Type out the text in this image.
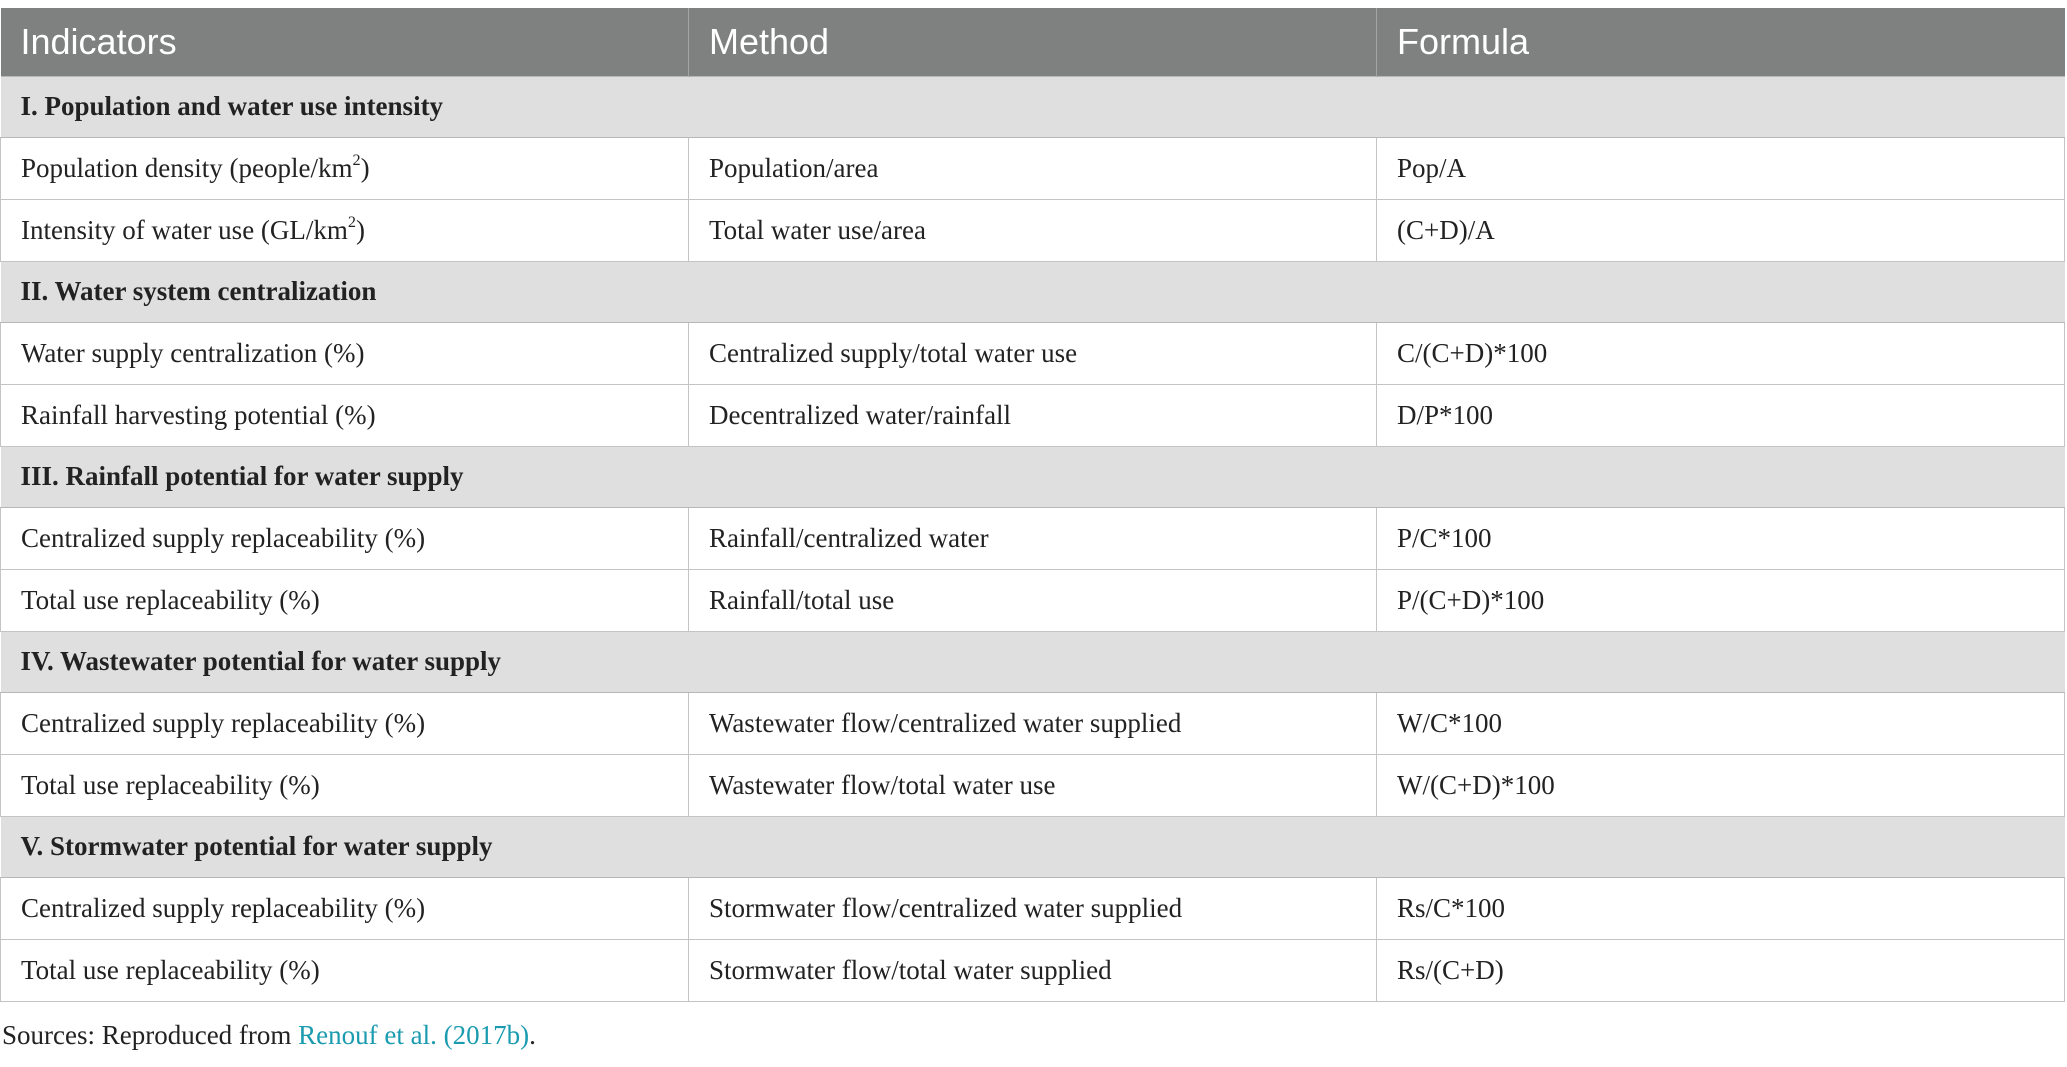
Indicators	Method	Formula
I. Population and water use intensity		
Population density $(people/km^2)$	Population/area	Pop/A
Intensity of water use $(GL/km^2)$	Total water use/area	(C+D)/A
II. Water system centralization		
Water supply centralization (%)	Centralized supply/total water use	C/(C+D)*100
Rainfall harvesting potential (%)	Decentralized water/rainfall	D/P*100
III. Rainfall potential for water supply		
Centralized supply replaceability (%)	Rainfall/centralized water	P/C*100
Total use replaceability (%)	Rainfall/total use	P/(C+D)*100
IV. Wastewater potential for water supply		
Centralized supply replaceability (%)	Wastewater flow/centralized water supplied	W/C*100
Total use replaceability (%)	Wastewater flow/total water use	W/(C+D)*100
V. Stormwater potential for water supply		
Centralized supply replaceability (%)	Stormwater flow/centralized water supplied	Rs/C*100
Total use replaceability (%)	Stormwater flow/total water supplied	Rs/(C+D)
Sources: Reproduced from Renouf et al. (2017b).
